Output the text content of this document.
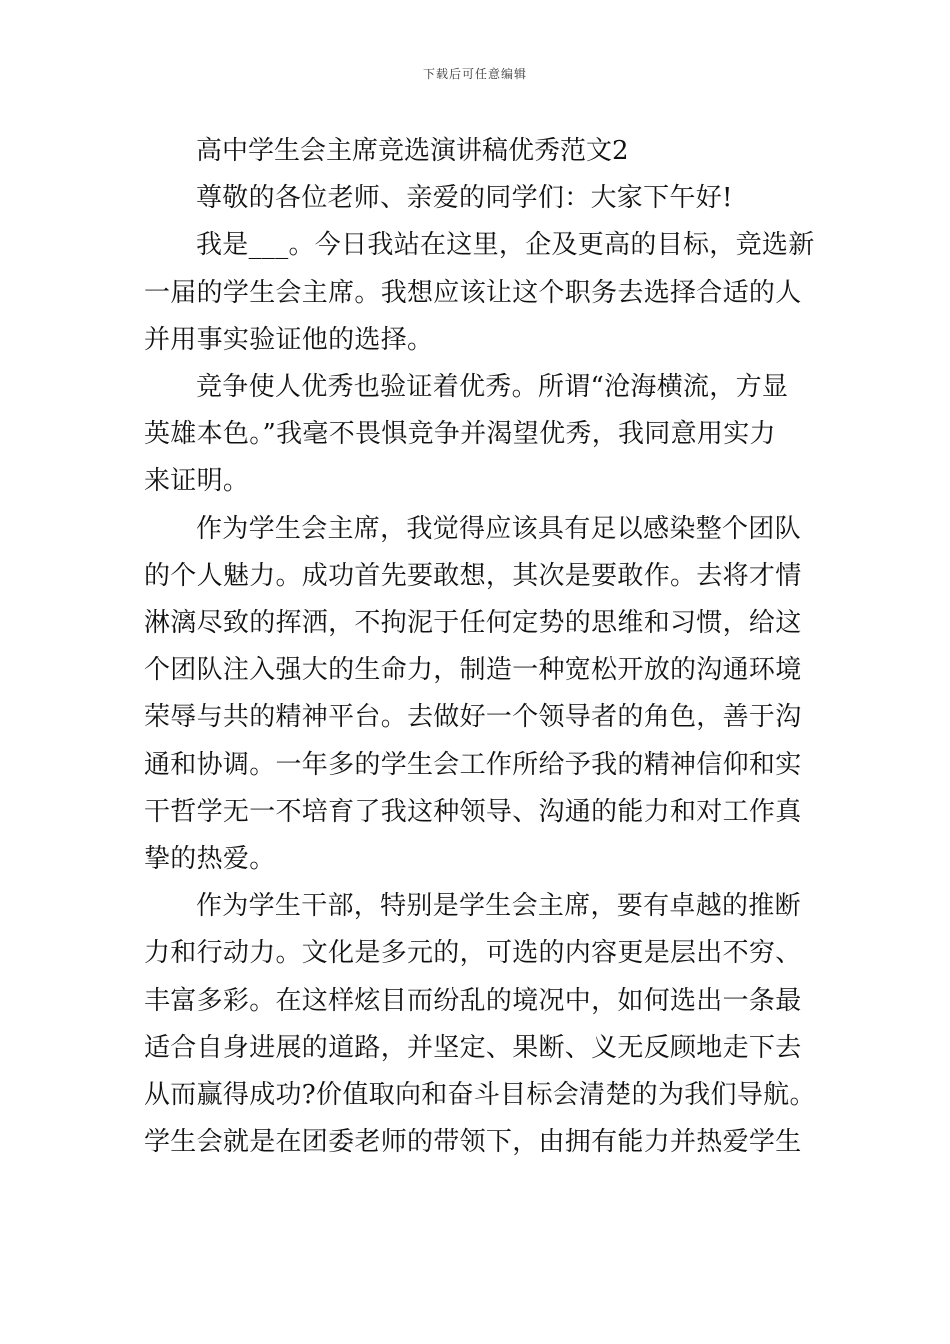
下载后可任意编辑
高中学生会主席竞选演讲稿优秀范文2
尊敬的各位老师、亲爱的同学们：大家下午好!
我是___。今日我站在这里，企及更高的目标，竞选新
一届的学生会主席。我想应该让这个职务去选择合适的人
并用事实验证他的选择。
竞争使人优秀也验证着优秀。所谓“沧海横流，方显
英雄本色。”我毫不畏惧竞争并渴望优秀，我同意用实力
来证明。
作为学生会主席，我觉得应该具有足以感染整个团队
的个人魅力。成功首先要敢想，其次是要敢作。去将才情
淋漓尽致的挥洒，不拘泥于任何定势的思维和习惯，给这
个团队注入强大的生命力，制造一种宽松开放的沟通环境
荣辱与共的精神平台。去做好一个领导者的角色，善于沟
通和协调。一年多的学生会工作所给予我的精神信仰和实
干哲学无一不培育了我这种领导、沟通的能力和对工作真
挚的热爱。
作为学生干部，特别是学生会主席，要有卓越的推断
力和行动力。文化是多元的，可选的内容更是层出不穷、
丰富多彩。在这样炫目而纷乱的境况中，如何选出一条最
适合自身进展的道路，并坚定、果断、义无反顾地走下去
从而赢得成功?价值取向和奋斗目标会清楚的为我们导航。
学生会就是在团委老师的带领下，由拥有能力并热爱学生
